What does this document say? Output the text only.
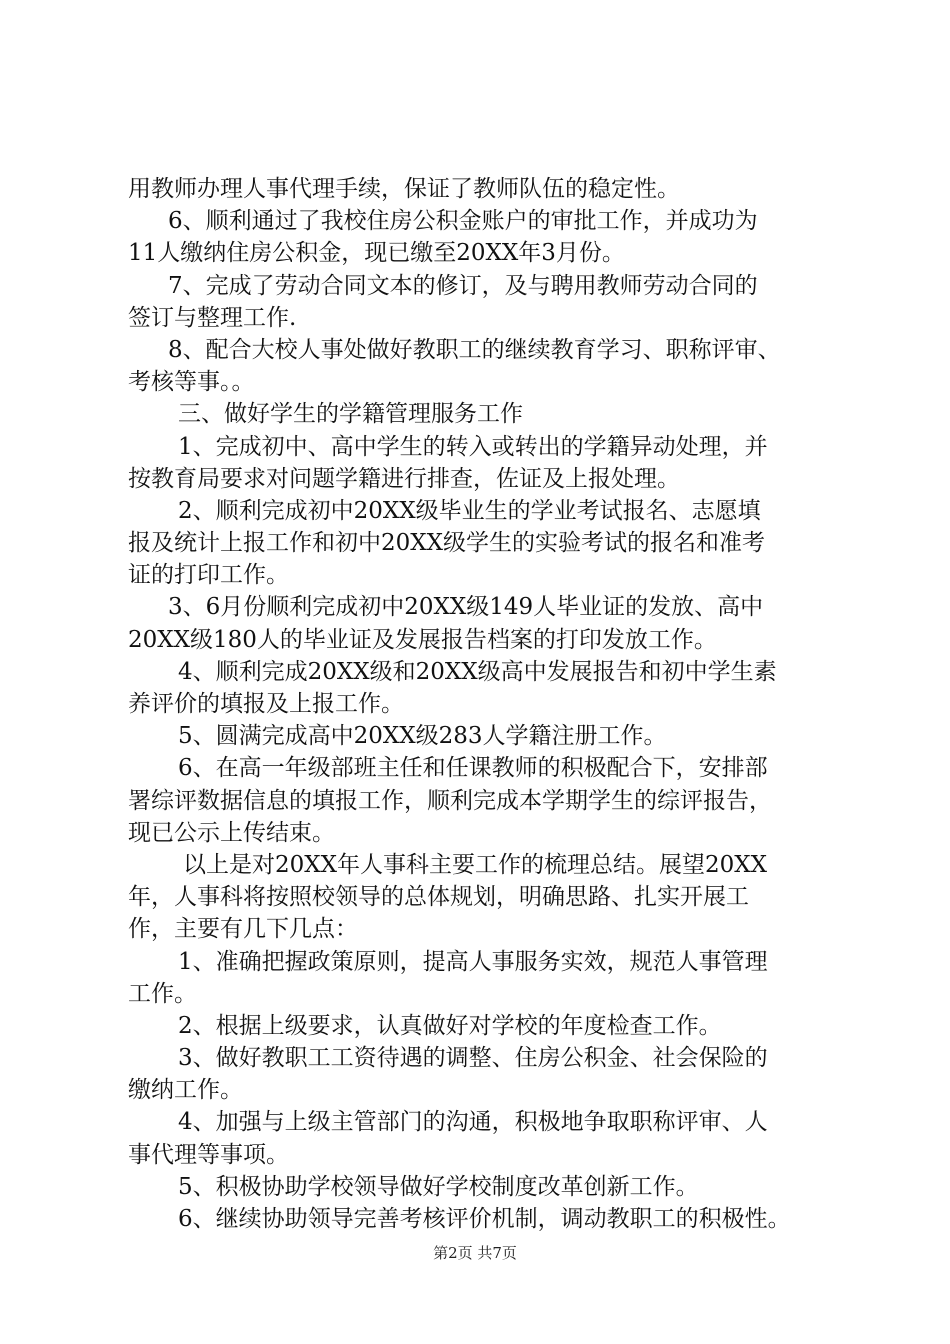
用教师办理人事代理手续，保证了教师队伍的稳定性。
6、顺利通过了我校住房公积金账户的审批工作，并成功为
11人缴纳住房公积金，现已缴至20XX年3月份。
7、完成了劳动合同文本的修订，及与聘用教师劳动合同的
签订与整理工作.
8、配合大校人事处做好教职工的继续教育学习、职称评审、
考核等事。。
三、做好学生的学籍管理服务工作
1、完成初中、高中学生的转入或转出的学籍异动处理，并
按教育局要求对问题学籍进行排查，佐证及上报处理。
2、顺利完成初中20XX级毕业生的学业考试报名、志愿填
报及统计上报工作和初中20XX级学生的实验考试的报名和准考
证的打印工作。
3、6月份顺利完成初中20XX级149人毕业证的发放、高中
20XX级180人的毕业证及发展报告档案的打印发放工作。
4、顺利完成20XX级和20XX级高中发展报告和初中学生素
养评价的填报及上报工作。
5、圆满完成高中20XX级283人学籍注册工作。
6、在高一年级部班主任和任课教师的积极配合下，安排部
署综评数据信息的填报工作，顺利完成本学期学生的综评报告，
现已公示上传结束。
以上是对20XX年人事科主要工作的梳理总结。展望20XX
年，人事科将按照校领导的总体规划，明确思路、扎实开展工
作，主要有几下几点：
1、准确把握政策原则，提高人事服务实效，规范人事管理
工作。
2、根据上级要求，认真做好对学校的年度检查工作。
3、做好教职工工资待遇的调整、住房公积金、社会保险的
缴纳工作。
4、加强与上级主管部门的沟通，积极地争取职称评审、人
事代理等事项。
5、积极协助学校领导做好学校制度改革创新工作。
6、继续协助领导完善考核评价机制，调动教职工的积极性。
第2页 共7页
